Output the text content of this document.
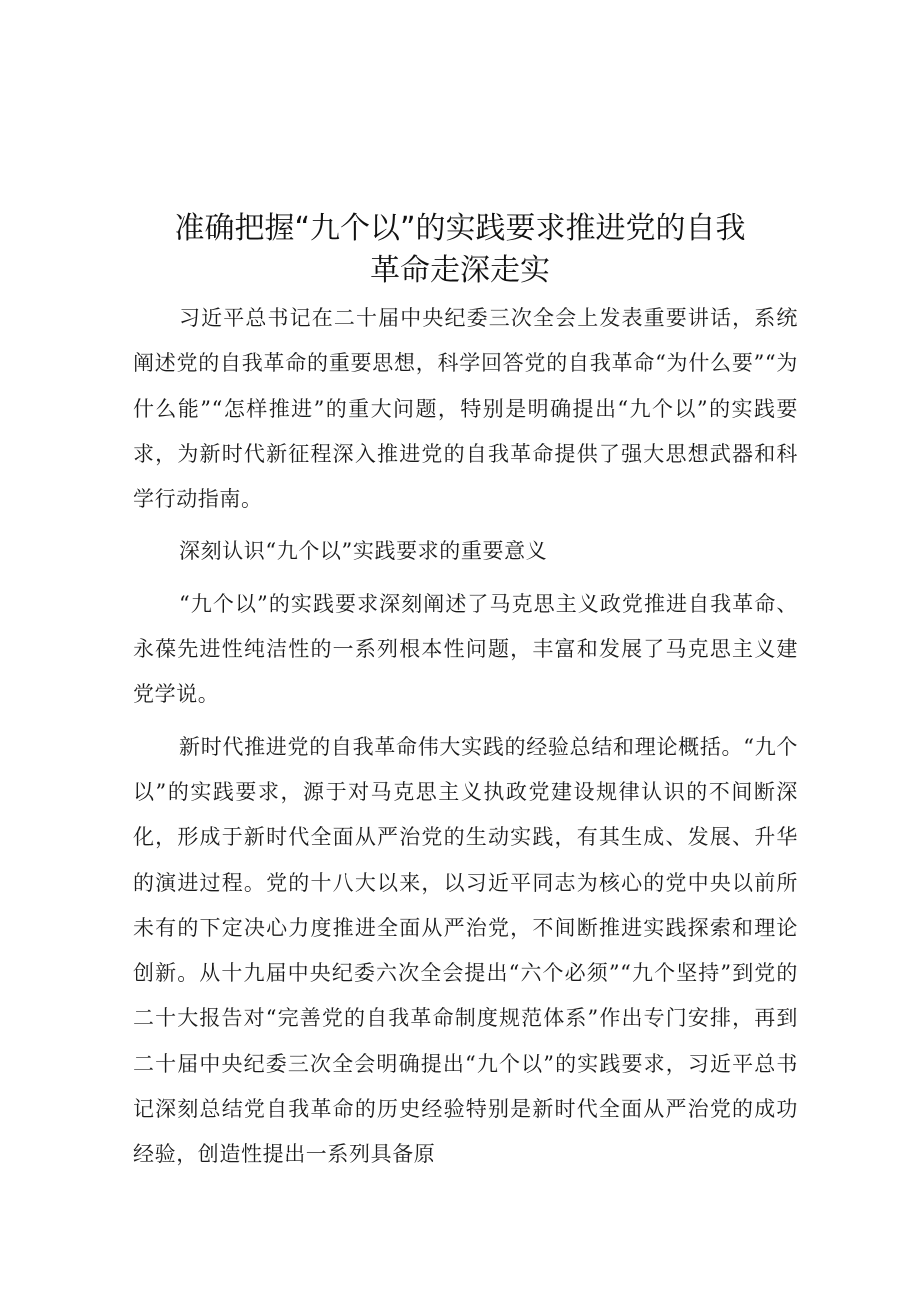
准确把握“九个以”的实践要求推进党的自我
革命走深走实

习近平总书记在二十届中央纪委三次全会上发表重要讲话，系统阐述党的自我革命的重要思想，科学回答党的自我革命“为什么要”“为什么能”“怎样推进”的重大问题，特别是明确提出“九个以”的实践要求，为新时代新征程深入推进党的自我革命提供了强大思想武器和科学行动指南。

深刻认识“九个以”实践要求的重要意义

“九个以”的实践要求深刻阐述了马克思主义政党推进自我革命、永葆先进性纯洁性的一系列根本性问题，丰富和发展了马克思主义建党学说。

新时代推进党的自我革命伟大实践的经验总结和理论概括。“九个以”的实践要求，源于对马克思主义执政党建设规律认识的不间断深化，形成于新时代全面从严治党的生动实践，有其生成、发展、升华的演进过程。党的十八大以来，以习近平同志为核心的党中央以前所未有的下定决心力度推进全面从严治党，不间断推进实践探索和理论创新。从十九届中央纪委六次全会提出“六个必须”“九个坚持”到党的二十大报告对“完善党的自我革命制度规范体系”作出专门安排，再到二十届中央纪委三次全会明确提出“九个以”的实践要求，习近平总书记深刻总结党自我革命的历史经验特别是新时代全面从严治党的成功经验，创造性提出一系列具备原
